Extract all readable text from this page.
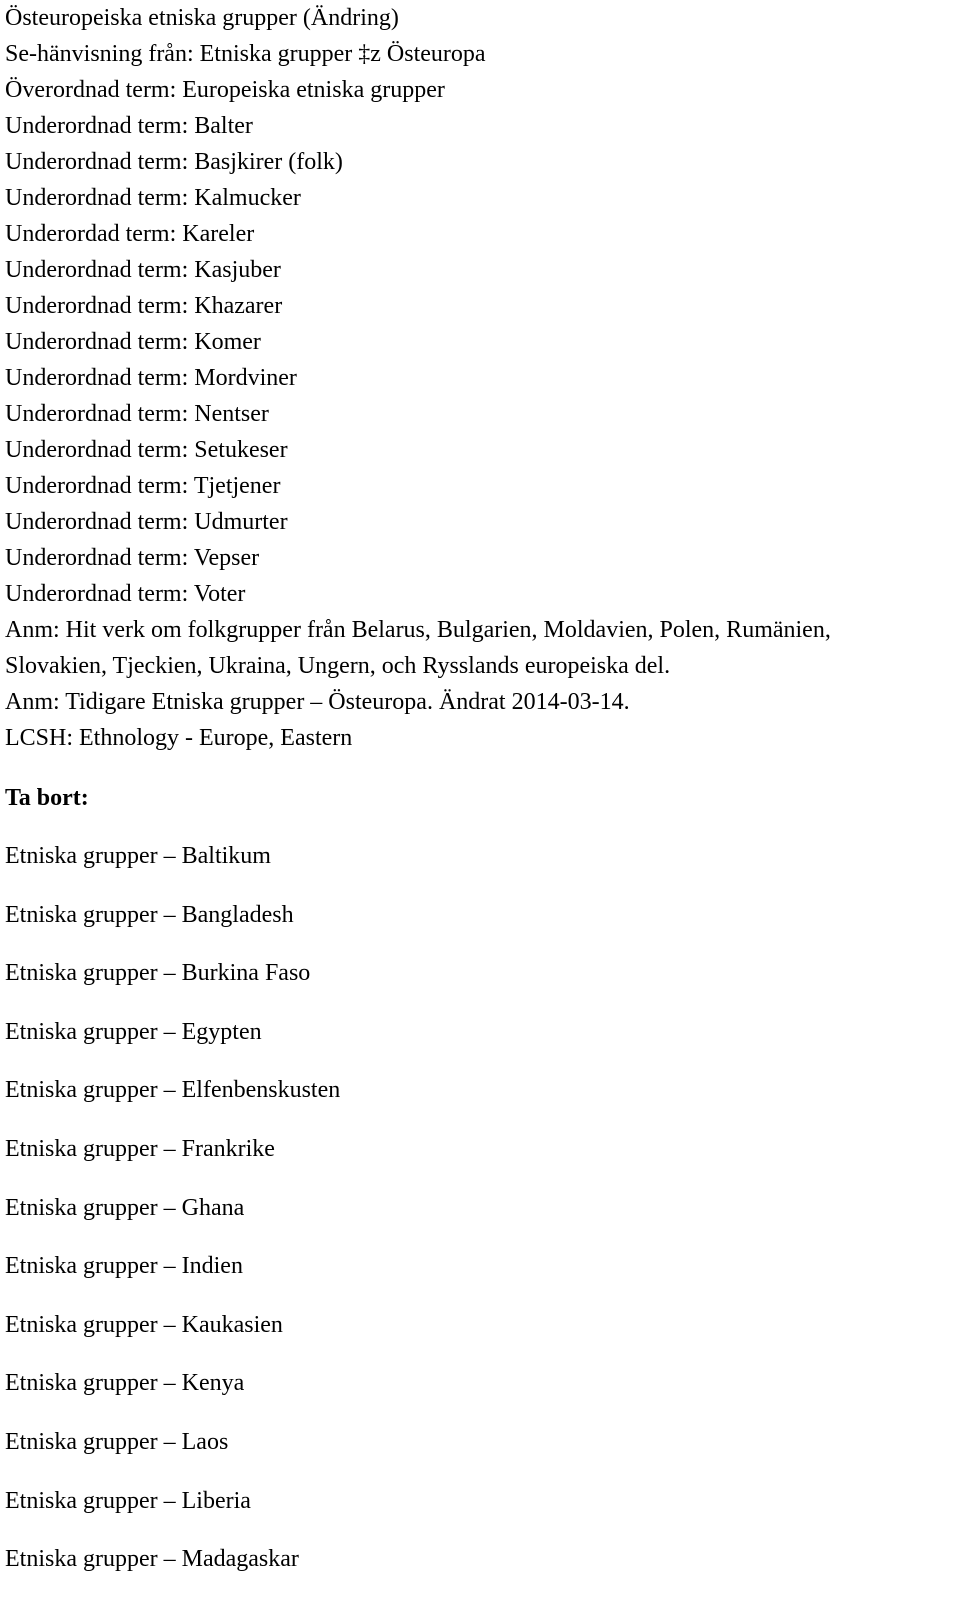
Östeuropeiska etniska grupper (Ändring)
Se-hänvisning från: Etniska grupper ‡z Östeuropa
Överordnad term: Europeiska etniska grupper
Underordnad term: Balter
Underordnad term: Basjkirer (folk)
Underordnad term: Kalmucker
Underordad term: Kareler
Underordnad term: Kasjuber
Underordnad term: Khazarer
Underordnad term: Komer
Underordnad term: Mordviner
Underordnad term: Nentser
Underordnad term: Setukeser
Underordnad term: Tjetjener
Underordnad term: Udmurter
Underordnad term: Vepser
Underordnad term: Voter
Anm: Hit verk om folkgrupper från Belarus, Bulgarien, Moldavien, Polen, Rumänien,
Slovakien, Tjeckien, Ukraina, Ungern, och Rysslands europeiska del.
Anm: Tidigare Etniska grupper – Östeuropa. Ändrat 2014-03-14.
LCSH: Ethnology - Europe, Eastern
Ta bort:
Etniska grupper – Baltikum
Etniska grupper – Bangladesh
Etniska grupper – Burkina Faso
Etniska grupper – Egypten
Etniska grupper – Elfenbenskusten
Etniska grupper – Frankrike
Etniska grupper – Ghana
Etniska grupper – Indien
Etniska grupper – Kaukasien
Etniska grupper – Kenya
Etniska grupper – Laos
Etniska grupper – Liberia
Etniska grupper – Madagaskar
